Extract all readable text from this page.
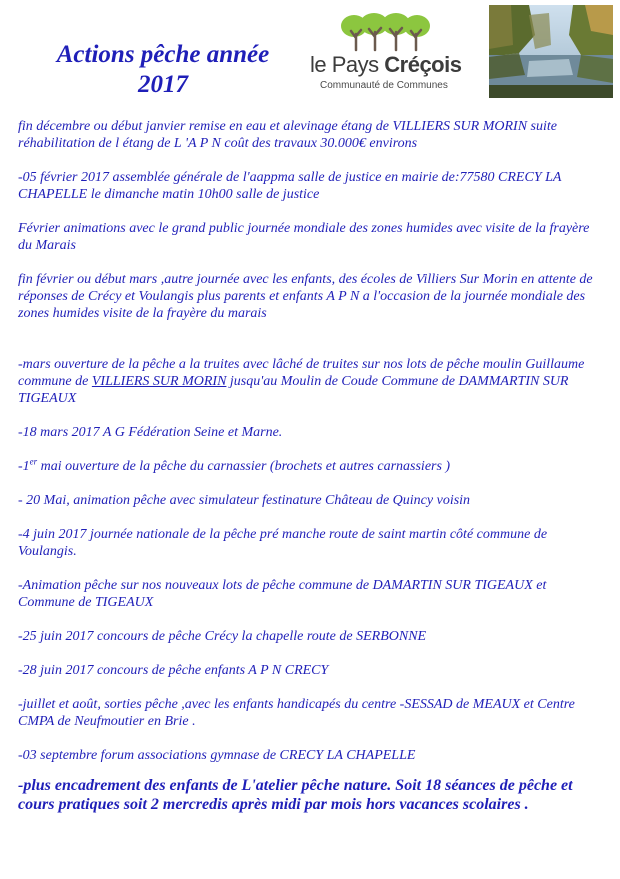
Actions pêche année
2017
le Pays Créçois
Communauté de Communes

fin décembre ou début janvier remise en eau et alevinage étang de VILLIERS SUR MORIN suite réhabilitation de l étang de L 'A P N coût des travaux 30.000€ environs

-05 février 2017 assemblée générale de l'aappma salle de justice en mairie de:77580 CRECY LA CHAPELLE le dimanche matin 10h00 salle de justice

Février animations avec le grand public journée mondiale des zones humides avec visite de la frayère du Marais

fin février ou début mars ,autre journée avec les enfants, des écoles de Villiers Sur Morin en attente de réponses de Crécy et Voulangis plus parents et enfants A P N a l'occasion de la journée mondiale des zones humides visite de la frayère du marais

-mars ouverture de la pêche a la truites avec lâché de truites sur nos lots de pêche moulin Guillaume commune de VILLIERS SUR MORIN jusqu'au Moulin de Coude Commune de DAMMARTIN SUR TIGEAUX

-18 mars 2017 A G Fédération Seine et Marne.

-1er mai ouverture de la pêche du carnassier (brochets et autres carnassiers )

- 20 Mai, animation pêche avec simulateur festinature Château de Quincy voisin

-4 juin 2017 journée nationale de la pêche pré manche route de saint martin côté commune de Voulangis.

-Animation pêche sur nos nouveaux lots de pêche commune de DAMARTIN SUR TIGEAUX et Commune de TIGEAUX

-25 juin 2017 concours de pêche Crécy la chapelle route de SERBONNE

-28 juin 2017 concours de pêche enfants A P N CRECY

-juillet et août, sorties pêche ,avec les enfants handicapés du centre -SESSAD de MEAUX et Centre CMPA de Neufmoutier en Brie .

-03 septembre forum associations gymnase de CRECY LA CHAPELLE

-plus encadrement des enfants de L'atelier pêche nature. Soit 18 séances de pêche et cours pratiques soit 2 mercredis après midi par mois hors vacances scolaires .
